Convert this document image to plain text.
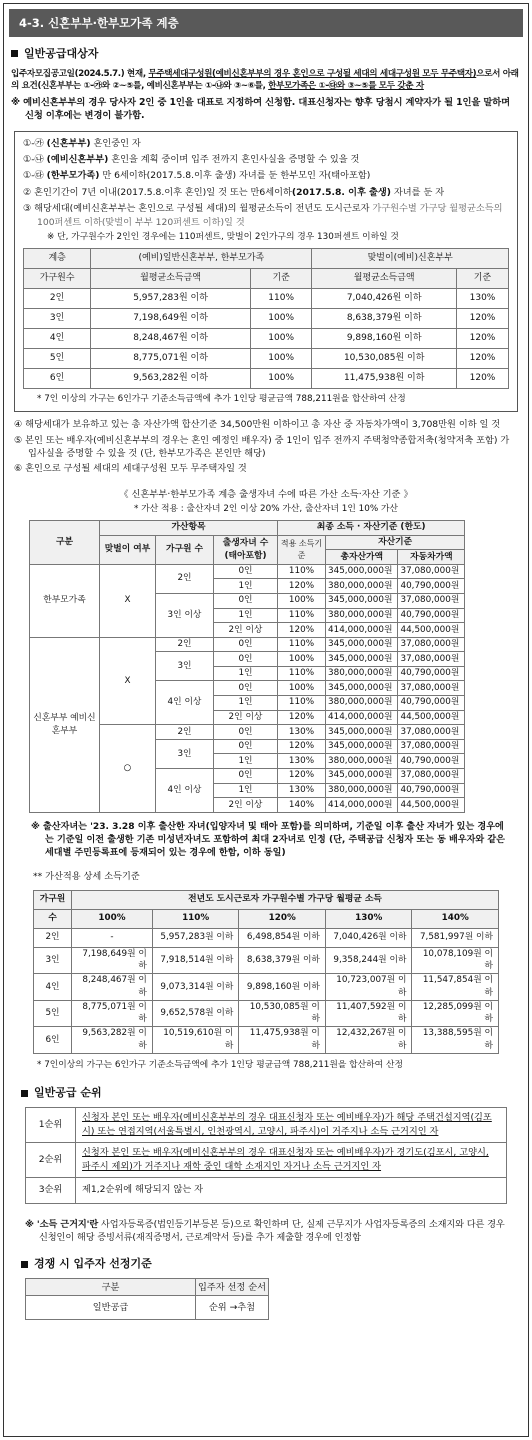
4-3. 신혼부부·한부모가족 계층
일반공급대상자
입주자모집공고일(2024.5.7.) 현재, 무주택세대구성원(예비신혼부부의 경우 혼인으로 구성될 세대의 세대구성원 모두 무주택자)으로서 아래의 요건(신혼부부는 ①-㉮와 ②~⑤를, 예비신혼부부는 ①-㉯와 ③~⑥를, 한부모가족은 ①-㉰와 ③~⑤를 모두 갖춘 자
※ 예비신혼부부의 경우 당사자 2인 중 1인을 대표로 지정하여 신청함. 대표신청자는 향후 당첨시 계약자가 될 1인을 말하며 신청 이후에는 변경이 불가함.
①-㉮ (신혼부부) 혼인중인 자
①-㉯ (예비신혼부부) 혼인을 계획 중이며 입주 전까지 혼인사실을 증명할 수 있을 것
①-㉰ (한부모가족) 만 6세이하(2017.5.8.이후 출생) 자녀를 둔 한부모인 자(태아포함)
② 혼인기간이 7년 이내(2017.5.8.이후 혼인)일 것 또는 만6세이하(2017.5.8. 이후 출생) 자녀를 둔 자
③ 해당세대(예비신혼부부는 혼인으로 구성될 세대)의 월평균소득이 전년도 도시근로자 가구원수별 가구당 월평균소득의 100퍼센트 이하(맞벌이 부부 120퍼센트 이하)일 것
※ 단, 가구원수가 2인인 경우에는 110퍼센트, 맞벌이 2인가구의 경우 130퍼센트 이하일 것
계층	(예비)일반신혼부부, 한부모가족		맞벌이(예비)신혼부부	
가구원수	월평균소득금액	기준	월평균소득금액	기준
2인	5,957,283원 이하	110%	7,040,426원 이하	130%
3인	7,198,649원 이하	100%	8,638,379원 이하	120%
4인	8,248,467원 이하	100%	9,898,160원 이하	120%
5인	8,775,071원 이하	100%	10,530,085원 이하	120%
6인	9,563,282원 이하	100%	11,475,938원 이하	120%
* 7인 이상의 가구는 6인가구 기준소득금액에 추가 1인당 평균금액 788,211원을 합산하여 산정
④ 해당세대가 보유하고 있는 총 자산가액 합산기준 34,500만원 이하이고 총 자산 중 자동차가액이 3,708만원 이하 일 것
⑤ 본인 또는 배우자(예비신혼부부의 경우는 혼인 예정인 배우자) 중 1인이 입주 전까지 주택청약종합저축(청약저축 포함) 가입사실을 증명할 수 있을 것 (단, 한부모가족은 본인만 해당)
⑥ 혼인으로 구성될 세대의 세대구성원 모두 무주택자일 것
《 신혼부부·한부모가족 계층 출생자녀 수에 따른 가산 소득·자산 기준 》
* 가산 적용 : 출산자녀 2인 이상 20% 가산, 출산자녀 1인 10% 가산
구분	가산항목			최종 소득 · 자산기준 (한도)		
	맞벌이 여부	가구원 수	출생자녀 수 (태아포함)	적용 소득기준	자산기준	
					총자산가액	자동차가액
한부모가족	X	2인	0인	110%	345,000,000원	37,080,000원
			1인	120%	380,000,000원	40,790,000원
		3인 이상	0인	100%	345,000,000원	37,080,000원
			1인	110%	380,000,000원	40,790,000원
			2인 이상	120%	414,000,000원	44,500,000원
신혼부부 예비신혼부부	X	2인	0인	110%	345,000,000원	37,080,000원
		3인	0인	100%	345,000,000원	37,080,000원
			1인	110%	380,000,000원	40,790,000원
		4인 이상	0인	100%	345,000,000원	37,080,000원
			1인	110%	380,000,000원	40,790,000원
			2인 이상	120%	414,000,000원	44,500,000원
	○	2인	0인	130%	345,000,000원	37,080,000원
		3인	0인	120%	345,000,000원	37,080,000원
			1인	130%	380,000,000원	40,790,000원
		4인 이상	0인	120%	345,000,000원	37,080,000원
			1인	130%	380,000,000원	40,790,000원
			2인 이상	140%	414,000,000원	44,500,000원
※ 출산자녀는 '23. 3.28 이후 출산한 자녀(입양자녀 및 태아 포함)를 의미하며, 기준일 이후 출산 자녀가 있는 경우에는 기준일 이전 출생한 기존 미성년자녀도 포함하여 최대 2자녀로 인정 (단, 주택공급 신청자 또는 동 배우자와 같은 세대별 주민등록표에 등재되어 있는 경우에 한함, 이하 동일)
** 가산적용 상세 소득기준
가구원	전년도 도시근로자 가구원수별 가구당 월평균 소득				
수	100%	110%	120%	130%	140%
2인	-	5,957,283원 이하	6,498,854원 이하	7,040,426원 이하	7,581,997원 이하
3인	7,198,649원 이하	7,918,514원 이하	8,638,379원 이하	9,358,244원 이하	10,078,109원 이하
4인	8,248,467원 이하	9,073,314원 이하	9,898,160원 이하	10,723,007원 이하	11,547,854원 이하
5인	8,775,071원 이하	9,652,578원 이하	10,530,085원 이하	11,407,592원 이하	12,285,099원 이하
6인	9,563,282원 이하	10,519,610원 이하	11,475,938원 이하	12,432,267원 이하	13,388,595원 이하
* 7인이상의 가구는 6인가구 기준소득금액에 추가 1인당 평균금액 788,211원을 합산하여 산정
일반공급 순위
1순위	신청자 본인 또는 배우자(예비신혼부부의 경우 대표신청자 또는 예비배우자)가 해당 주택건설지역(김포시) 또는 연접지역(서울특별시, 인천광역시, 고양시, 파주시)이 거주지나 소득 근거지인 자
2순위	신청자 본인 또는 배우자(예비신혼부부의 경우 대표신청자 또는 예비배우자)가 경기도(김포시, 고양시, 파주시 제외)가 거주지나 재학 중인 대학 소재지인 자거나 소득 근거지인 자
3순위	제1,2순위에 해당되지 않는 자
※ '소득 근거지'란 사업자등록증(법인등기부등본 등)으로 확인하며 단, 실제 근무지가 사업자등록증의 소재지와 다른 경우 신청인이 해당 증빙서류(재직증명서, 근로계약서 등)를 추가 제출할 경우에 인정함
경쟁 시 입주자 선정기준
구분	입주자 선정 순서
일반공급	순위 →추첨
